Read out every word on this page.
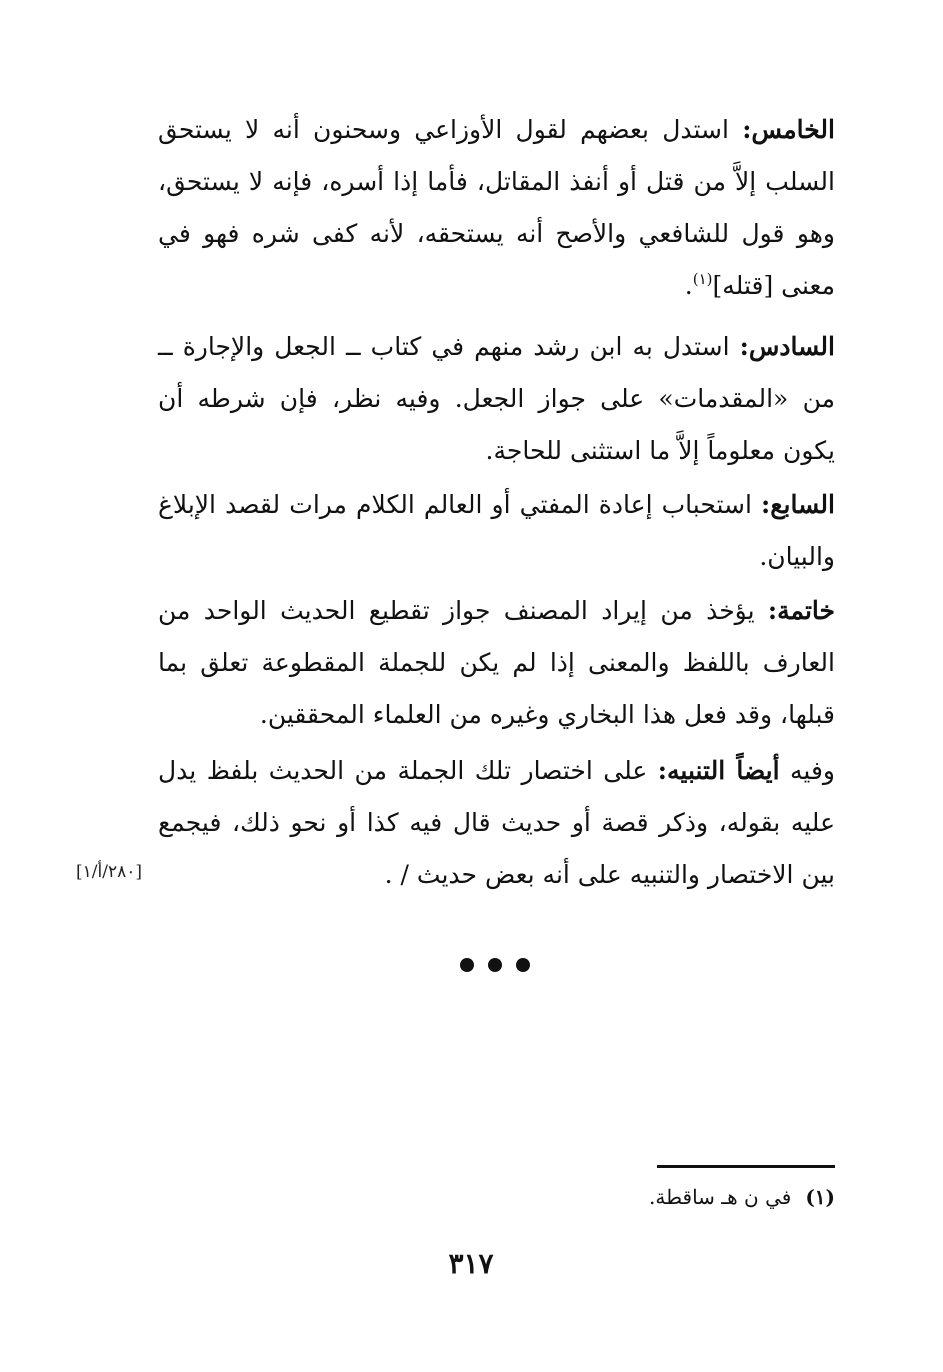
الخامس: استدل بعضهم لقول الأوزاعي وسحنون أنه لا يستحق السلب إلاَّ من قتل أو أنفذ المقاتل، فأما إذا أسره، فإنه لا يستحق، وهو قول للشافعي والأصح أنه يستحقه، لأنه كفى شره فهو في معنى [قتله]$^{(١)}$.

السادس: استدل به ابن رشد منهم في كتاب ــ الجعل والإجارة ــ من «المقدمات» على جواز الجعل. وفيه نظر، فإن شرطه أن يكون معلوماً إلاَّ ما استثنى للحاجة.

السابع: استحباب إعادة المفتي أو العالم الكلام مرات لقصد الإبلاغ والبيان.

خاتمة: يؤخذ من إيراد المصنف جواز تقطيع الحديث الواحد من العارف باللفظ والمعنى إذا لم يكن للجملة المقطوعة تعلق بما قبلها، وقد فعل هذا البخاري وغيره من العلماء المحققين.

وفيه أيضاً التنبيه: على اختصار تلك الجملة من الحديث بلفظ يدل عليه بقوله، وذكر قصة أو حديث قال فيه كذا أو نحو ذلك، فيجمع بين الاختصار والتنبيه على أنه بعض حديث / .

[٢٨٠/أ/١]
(١)في ن هـ ساقطة.
٣١٧
